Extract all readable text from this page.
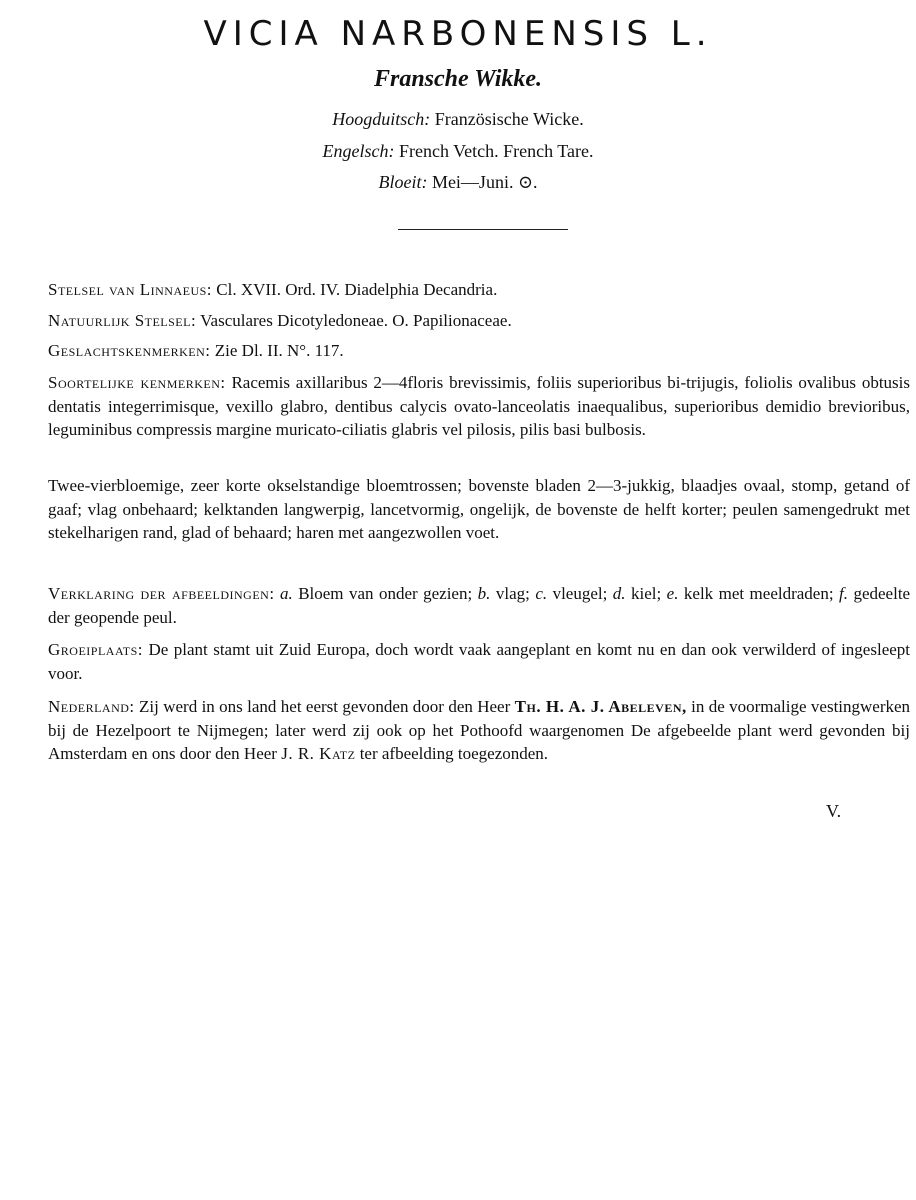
VICIA NARBONENSIS L.
Fransche Wikke.
Hoogduitsch: Französische Wicke.
Engelsch: French Vetch. French Tare.
Bloeit: Mei—Juni. ⊙.
Stelsel van Linnaeus: Cl. XVII. Ord. IV. Diadelphia Decandria.
Natuurlijk Stelsel: Vasculares Dicotyledoneae. O. Papilionaceae.
Geslachtskenmerken: Zie Dl. II. N°. 117.
Soortelijke kenmerken: Racemis axillaribus 2—4floris brevissimis, foliis superioribus bi-trijugis, foliolis ovalibus obtusis dentatis integerrimisque, vexillo glabro, dentibus calycis ovato-lanceolatis inaequalibus, superioribus demidio brevioribus, leguminibus compressis margine muricato-ciliatis glabris vel pilosis, pilis basi bulbosis.
Twee-vierbloemige, zeer korte okselstandige bloemtrossen; bovenste bladen 2—3-jukkig, blaadjes ovaal, stomp, getand of gaaf; vlag onbehaard; kelktanden langwerpig, lancetvormig, ongelijk, de bovenste de helft korter; peulen samengedrukt met stekelharigen rand, glad of behaard; haren met aangezwollen voet.
Verklaring der afbeeldingen: a. Bloem van onder gezien; b. vlag; c. vleugel; d. kiel; e. kelk met meeldraden; f. gedeelte der geopende peul.
Groeiplaats: De plant stamt uit Zuid Europa, doch wordt vaak aangeplant en komt nu en dan ook verwilderd of ingesleept voor.
Nederland: Zij werd in ons land het eerst gevonden door den Heer Th. H. A. J. Abeleven, in de voormalige vestingwerken bij de Hezelpoort te Nijmegen; later werd zij ook op het Pothoofd waargenomen De afgebeelde plant werd gevonden bij Amsterdam en ons door den Heer J. R. Katz ter afbeelding toegezonden.
V.
